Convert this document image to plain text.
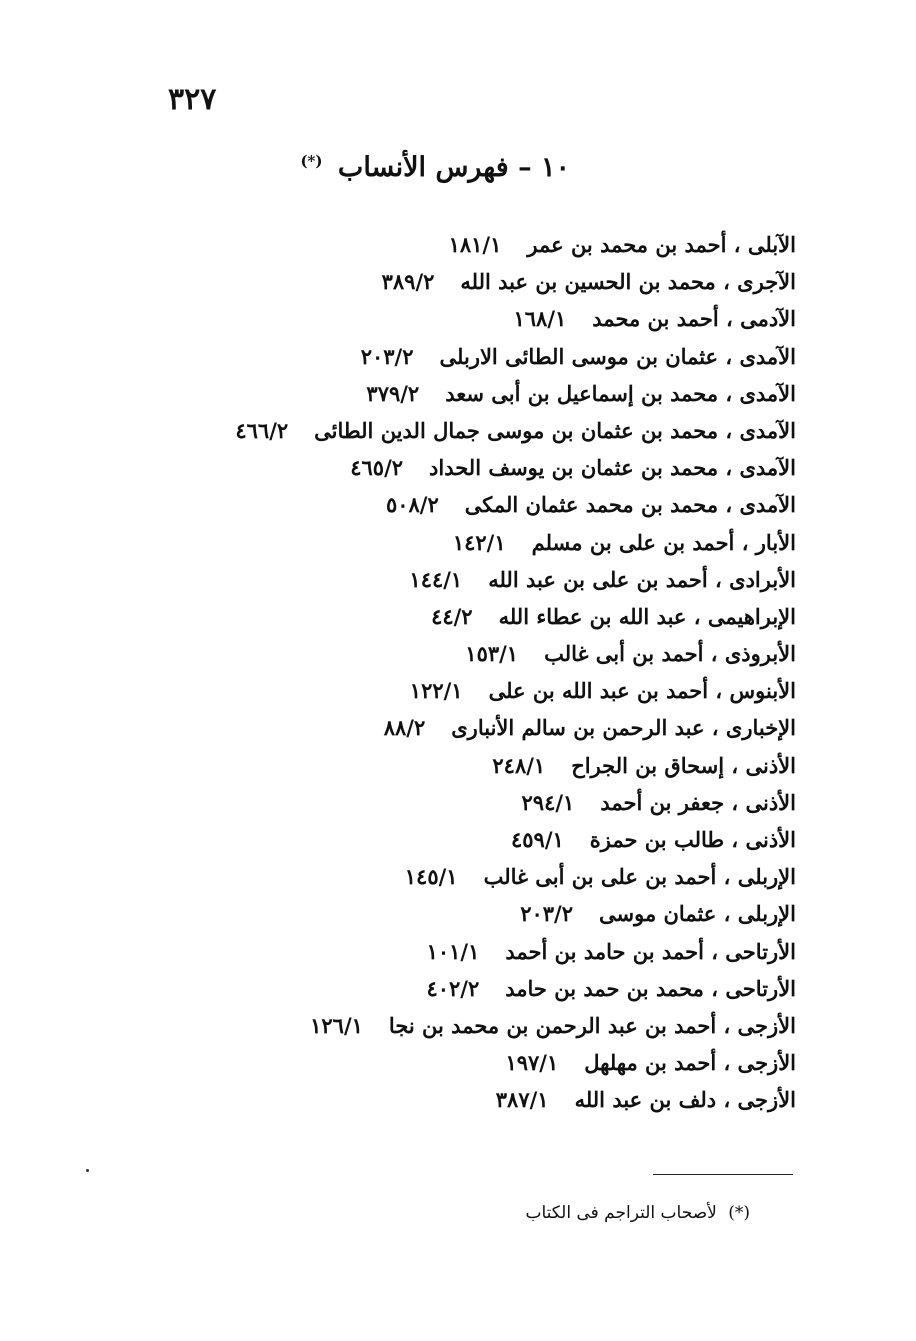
٣٢٧
١٠ – فهرس الأنساب (*)
الآبلى ، أحمد بن محمد بن عمر١٨١/١
الآجرى ، محمد بن الحسين بن عبد الله٣٨٩/٢
الآدمى ، أحمد بن محمد١٦٨/١
الآمدى ، عثمان بن موسى الطائى الاربلى٢٠٣/٢
الآمدى ، محمد بن إسماعيل بن أبى سعد٣٧٩/٢
الآمدى ، محمد بن عثمان بن موسى جمال الدين الطائى٤٦٦/٢
الآمدى ، محمد بن عثمان بن يوسف الحداد٤٦٥/٢
الآمدى ، محمد بن محمد عثمان المكى٥٠٨/٢
الأبار ، أحمد بن على بن مسلم١٤٢/١
الأبرادى ، أحمد بن على بن عبد الله١٤٤/١
الإبراهيمى ، عبد الله بن عطاء الله٤٤/٢
الأبروذى ، أحمد بن أبى غالب١٥٣/١
الأبنوس ، أحمد بن عبد الله بن على١٢٢/١
الإخبارى ، عبد الرحمن بن سالم الأنبارى٨٨/٢
الأذنى ، إسحاق بن الجراح٢٤٨/١
الأذنى ، جعفر بن أحمد٢٩٤/١
الأذنى ، طالب بن حمزة٤٥٩/١
الإربلى ، أحمد بن على بن أبى غالب١٤٥/١
الإربلى ، عثمان موسى٢٠٣/٢
الأرتاحى ، أحمد بن حامد بن أحمد١٠١/١
الأرتاحى ، محمد بن حمد بن حامد٤٠٢/٢
الأزجى ، أحمد بن عبد الرحمن بن محمد بن نجا١٢٦/١
الأزجى ، أحمد بن مهلهل١٩٧/١
الأزجى ، دلف بن عبد الله٣٨٧/١
(*) لأصحاب التراجم فى الكتاب
